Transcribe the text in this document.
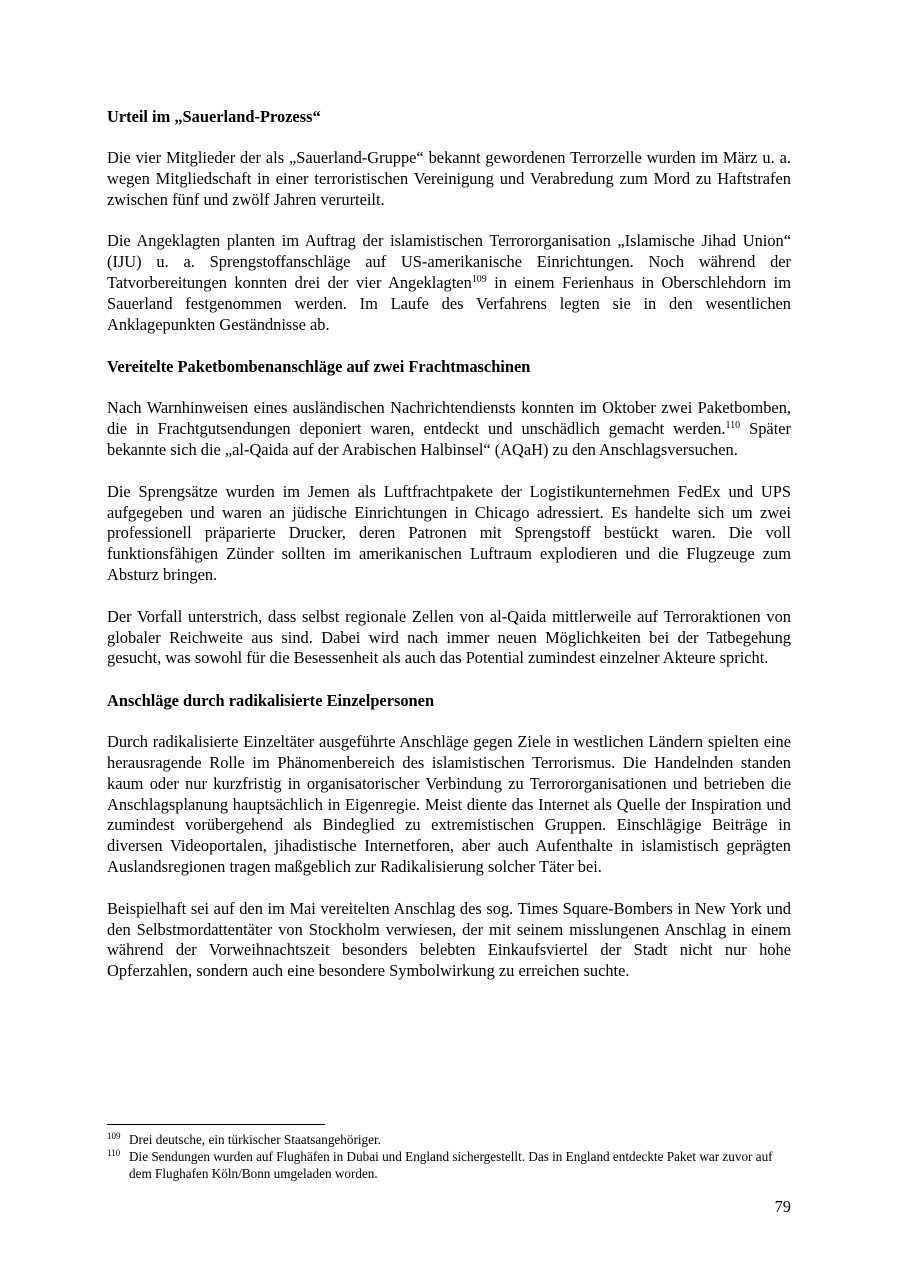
Urteil im „Sauerland-Prozess“

Die vier Mitglieder der als „Sauerland-Gruppe“ bekannt gewordenen Terrorzelle wurden im März u. a. wegen Mitgliedschaft in einer terroristischen Vereinigung und Verabredung zum Mord zu Haftstrafen zwischen fünf und zwölf Jahren verurteilt.

Die Angeklagten planten im Auftrag der islamistischen Terrororganisation „Islamische Jihad Union“ (IJU) u. a. Sprengstoffanschläge auf US-amerikanische Einrichtungen. Noch während der Tatvorbereitungen konnten drei der vier Angeklagten$^{109}$ in einem Ferienhaus in Oberschlehdorn im Sauerland festgenommen werden. Im Laufe des Verfahrens legten sie in den wesentlichen Anklagepunkten Geständnisse ab.

Vereitelte Paketbombenanschläge auf zwei Frachtmaschinen

Nach Warnhinweisen eines ausländischen Nachrichtendiensts konnten im Oktober zwei Paketbomben, die in Frachtgutsendungen deponiert waren, entdeckt und unschädlich gemacht werden.$^{110}$ Später bekannte sich die „al-Qaida auf der Arabischen Halbinsel“ (AQaH) zu den Anschlagsversuchen.

Die Sprengsätze wurden im Jemen als Luftfrachtpakete der Logistikunternehmen FedEx und UPS aufgegeben und waren an jüdische Einrichtungen in Chicago adressiert. Es handelte sich um zwei professionell präparierte Drucker, deren Patronen mit Sprengstoff bestückt waren. Die voll funktionsfähigen Zünder sollten im amerikanischen Luftraum explodieren und die Flugzeuge zum Absturz bringen.

Der Vorfall unterstrich, dass selbst regionale Zellen von al-Qaida mittlerweile auf Terroraktionen von globaler Reichweite aus sind. Dabei wird nach immer neuen Möglichkeiten bei der Tatbegehung gesucht, was sowohl für die Besessenheit als auch das Potential zumindest einzelner Akteure spricht.

Anschläge durch radikalisierte Einzelpersonen

Durch radikalisierte Einzeltäter ausgeführte Anschläge gegen Ziele in westlichen Ländern spielten eine herausragende Rolle im Phänomenbereich des islamistischen Terrorismus. Die Handelnden standen kaum oder nur kurzfristig in organisatorischer Verbindung zu Terrororganisationen und betrieben die Anschlagsplanung hauptsächlich in Eigenregie. Meist diente das Internet als Quelle der Inspiration und zumindest vorübergehend als Bindeglied zu extremistischen Gruppen. Einschlägige Beiträge in diversen Videoportalen, jihadistische Internetforen, aber auch Aufenthalte in islamistisch geprägten Auslandsregionen tragen maßgeblich zur Radikalisierung solcher Täter bei.

Beispielhaft sei auf den im Mai vereitelten Anschlag des sog. Times Square-Bombers in New York und den Selbstmordattentäter von Stockholm verwiesen, der mit seinem misslungenen Anschlag in einem während der Vorweihnachtszeit besonders belebten Einkaufsviertel der Stadt nicht nur hohe Opferzahlen, sondern auch eine besondere Symbolwirkung zu erreichen suchte.

109 Drei deutsche, ein türkischer Staatsangehöriger.
110 Die Sendungen wurden auf Flughäfen in Dubai und England sichergestellt. Das in England entdeckte Paket war zuvor auf dem Flughafen Köln/Bonn umgeladen worden.
79
